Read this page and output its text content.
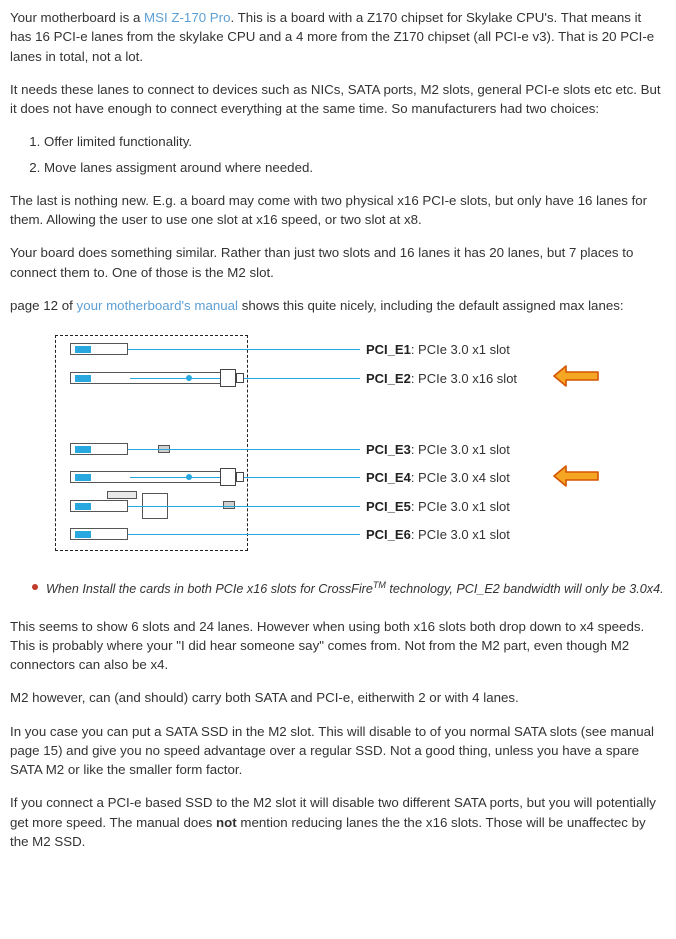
Your motherboard is a MSI Z-170 Pro. This is a board with a Z170 chipset for Skylake CPU's. That means it has 16 PCI-e lanes from the skylake CPU and a 4 more from the Z170 chipset (all PCI-e v3). That is 20 PCI-e lanes in total, not a lot.

It needs these lanes to connect to devices such as NICs, SATA ports, M2 slots, general PCI-e slots etc etc. But it does not have enough to connect everything at the same time. So manufacturers had two choices:

1. Offer limited functionality.
2. Move lanes assigment around where needed.

The last is nothing new. E.g. a board may come with two physical x16 PCI-e slots, but only have 16 lanes for them. Allowing the user to use one slot at x16 speed, or two slot at x8.

Your board does something similar. Rather than just two slots and 16 lanes it has 20 lanes, but 7 places to connect them to. One of those is the M2 slot.

page 12 of your motherboard's manual shows this quite nicely, including the default assigned max lanes:

PCI_E1: PCIe 3.0 x1 slot
PCI_E2: PCIe 3.0 x16 slot
PCI_E3: PCIe 3.0 x1 slot
PCI_E4: PCIe 3.0 x4 slot
PCI_E5: PCIe 3.0 x1 slot
PCI_E6: PCIe 3.0 x1 slot
When Install the cards in both PCIe x16 slots for CrossFire™ technology, PCI_E2 bandwidth will only be 3.0x4.

This seems to show 6 slots and 24 lanes. However when using both x16 slots both drop down to x4 speeds. This is probably where your "I did hear someone say" comes from. Not from the M2 part, even though M2 connectors can also be x4.

M2 however, can (and should) carry both SATA and PCI-e, eitherwith 2 or with 4 lanes.

In you case you can put a SATA SSD in the M2 slot. This will disable to of you normal SATA slots (see manual page 15) and give you no speed advantage over a regular SSD. Not a good thing, unless you have a spare SATA M2 or like the smaller form factor.

If you connect a PCI-e based SSD to the M2 slot it will disable two different SATA ports, but you will potentially get more speed. The manual does not mention reducing lanes the the x16 slots. Those will be unaffectec by the M2 SSD.
